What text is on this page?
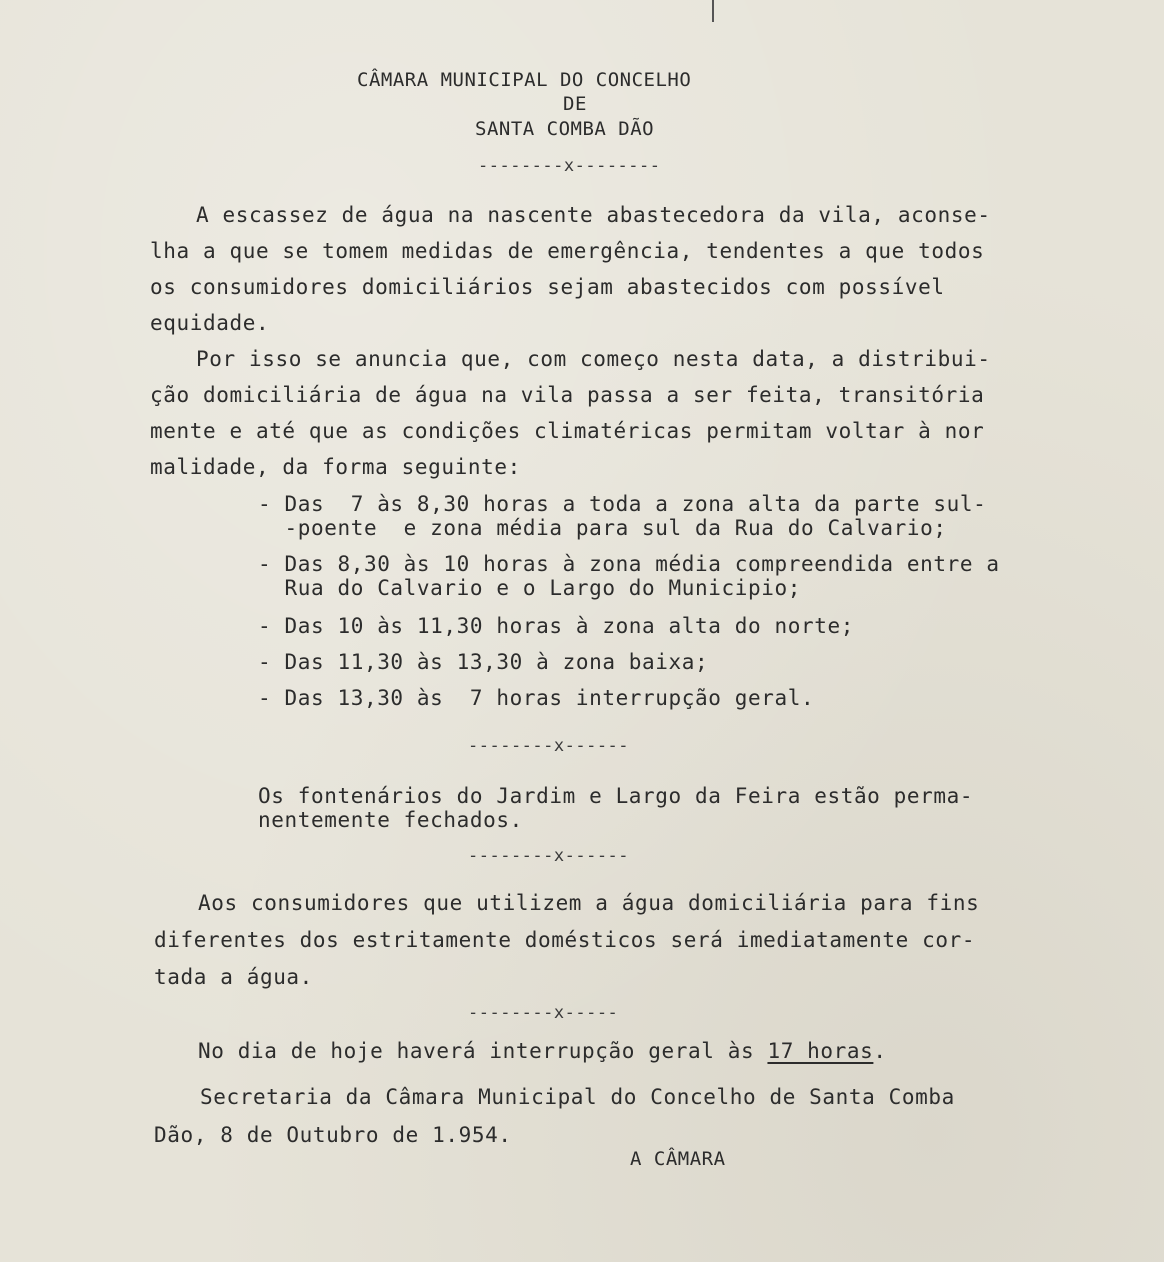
CÂMARA MUNICIPAL DO CONCELHO
DE
SANTA COMBA DÃO
--------x--------
A escassez de água na nascente abastecedora da vila, aconse-
lha a que se tomem medidas de emergência, tendentes a que todos
os consumidores domiciliários sejam abastecidos com possível
equidade.
Por isso se anuncia que, com começo nesta data, a distribui-
ção domiciliária de água na vila passa a ser feita, transitória
mente e até que as condições climatéricas permitam voltar à nor
malidade, da forma seguinte:
- Das  7 às 8,30 horas a toda a zona alta da parte sul-
-poente  e zona média para sul da Rua do Calvario;
- Das 8,30 às 10 horas à zona média compreendida entre a
Rua do Calvario e o Largo do Municipio;
- Das 10 às 11,30 horas à zona alta do norte;
- Das 11,30 às 13,30 à zona baixa;
- Das 13,30 às  7 horas interrupção geral.
--------x------
Os fontenários do Jardim e Largo da Feira estão perma-
nentemente fechados.
--------x------
Aos consumidores que utilizem a água domiciliária para fins
diferentes dos estritamente domésticos será imediatamente cor-
tada a água.
--------x-----
No dia de hoje haverá interrupção geral às 17 horas.
Secretaria da Câmara Municipal do Concelho de Santa Comba
Dão, 8 de Outubro de 1.954.
A CÂMARA
